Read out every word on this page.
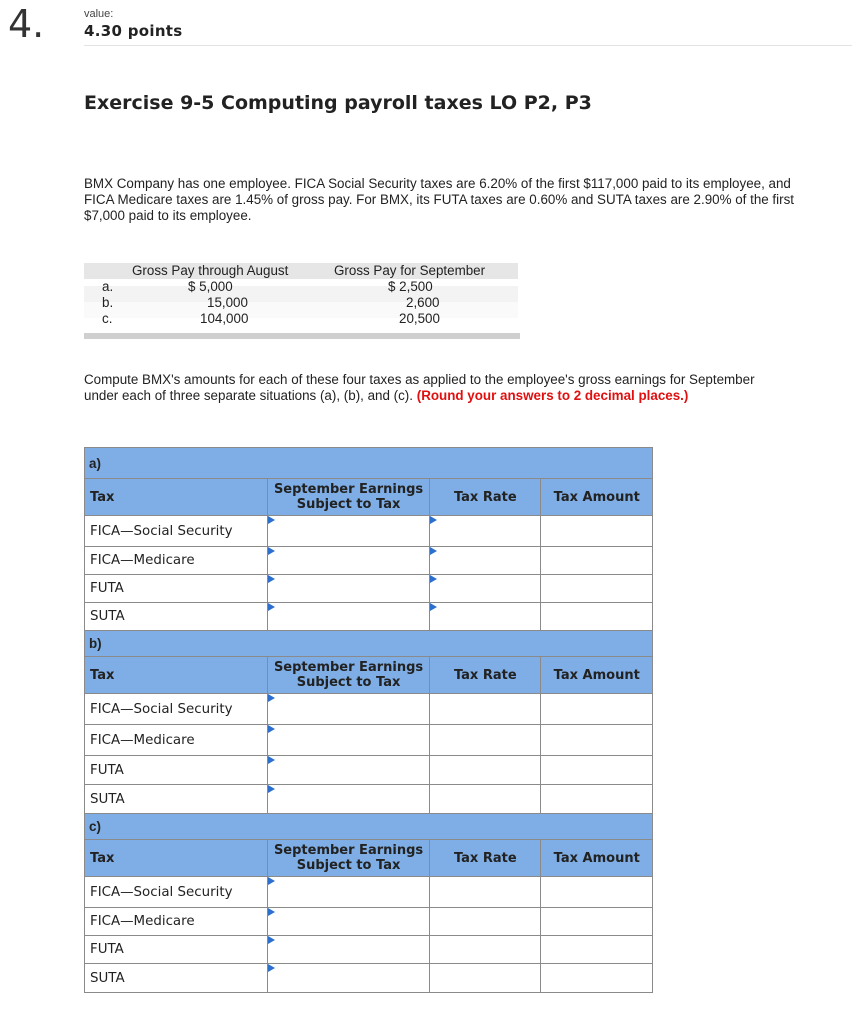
4.	value:
4.30 points
Exercise 9-5 Computing payroll taxes LO P2, P3
BMX Company has one employee. FICA Social Security taxes are 6.20% of the first $117,000 paid to its employee, and FICA Medicare taxes are 1.45% of gross pay. For BMX, its FUTA taxes are 0.60% and SUTA taxes are 2.90% of the first $7,000 paid to its employee.
Gross Pay through August	Gross Pay for September
a.	$ 5,000	$ 2,500
b.	15,000	2,600
c.	104,000	20,500
Compute BMX's amounts for each of these four taxes as applied to the employee's gross earnings for September under each of three separate situations (a), (b), and (c). (Round your answers to 2 decimal places.)
a)			
Tax	September Earnings
Subject to Tax	Tax Rate	Tax Amount
FICA—Social Security	

FICA—Medicare	

FUTA	

SUTA	

b)			
Tax	September Earnings
Subject to Tax	Tax Rate	Tax Amount
FICA—Social Security	

FICA—Medicare	

FUTA	

SUTA	

c)			
Tax	September Earnings
Subject to Tax	Tax Rate	Tax Amount
FICA—Social Security	

FICA—Medicare	

FUTA	

SUTA	
